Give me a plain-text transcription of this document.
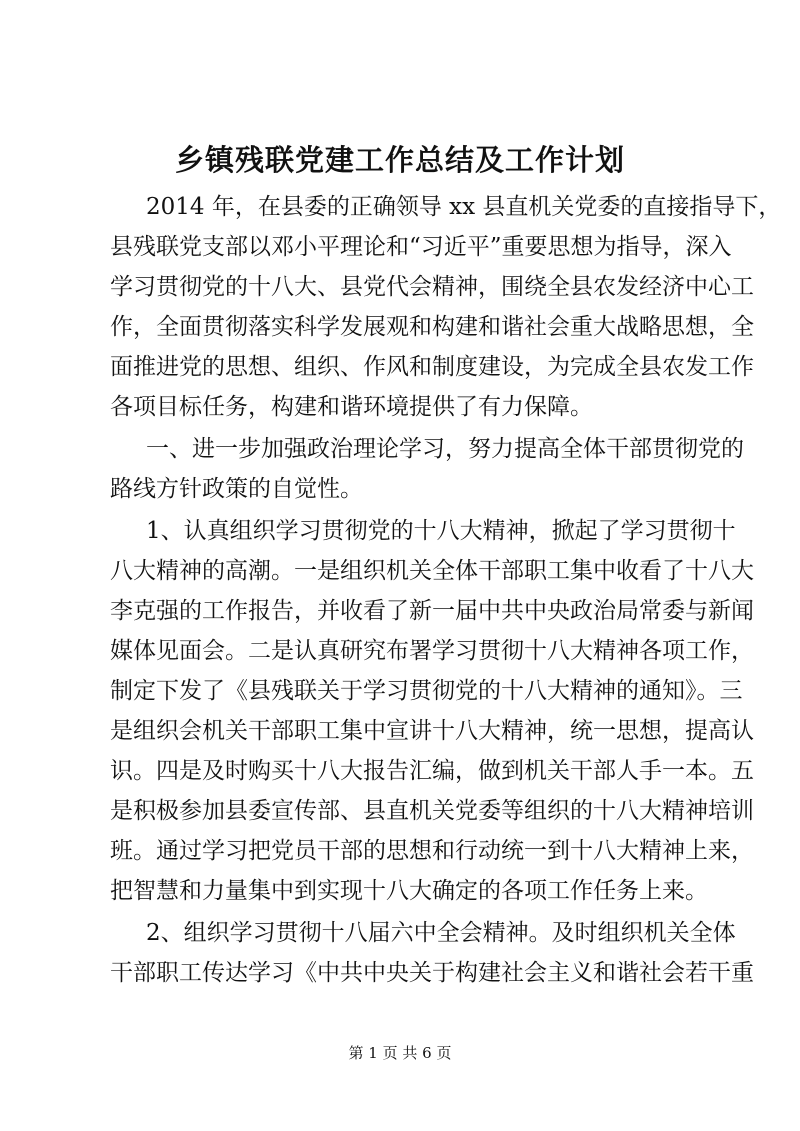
乡镇残联党建工作总结及工作计划
2014 年，在县委的正确领导 xx 县直机关党委的直接指导下，
县残联党支部以邓小平理论和“习近平”重要思想为指导，深入
学习贯彻党的十八大、县党代会精神，围绕全县农发经济中心工
作，全面贯彻落实科学发展观和构建和谐社会重大战略思想，全
面推进党的思想、组织、作风和制度建设，为完成全县农发工作
各项目标任务，构建和谐环境提供了有力保障。
一、进一步加强政治理论学习，努力提高全体干部贯彻党的
路线方针政策的自觉性。
1、认真组织学习贯彻党的十八大精神，掀起了学习贯彻十
八大精神的高潮。一是组织机关全体干部职工集中收看了十八大
李克强的工作报告，并收看了新一届中共中央政治局常委与新闻
媒体见面会。二是认真研究布署学习贯彻十八大精神各项工作，
制定下发了《县残联关于学习贯彻党的十八大精神的通知》。三
是组织会机关干部职工集中宣讲十八大精神，统一思想，提高认
识。四是及时购买十八大报告汇编，做到机关干部人手一本。五
是积极参加县委宣传部、县直机关党委等组织的十八大精神培训
班。通过学习把党员干部的思想和行动统一到十八大精神上来，
把智慧和力量集中到实现十八大确定的各项工作任务上来。
2、组织学习贯彻十八届六中全会精神。及时组织机关全体
干部职工传达学习《中共中央关于构建社会主义和谐社会若干重
第 1 页 共 6 页
